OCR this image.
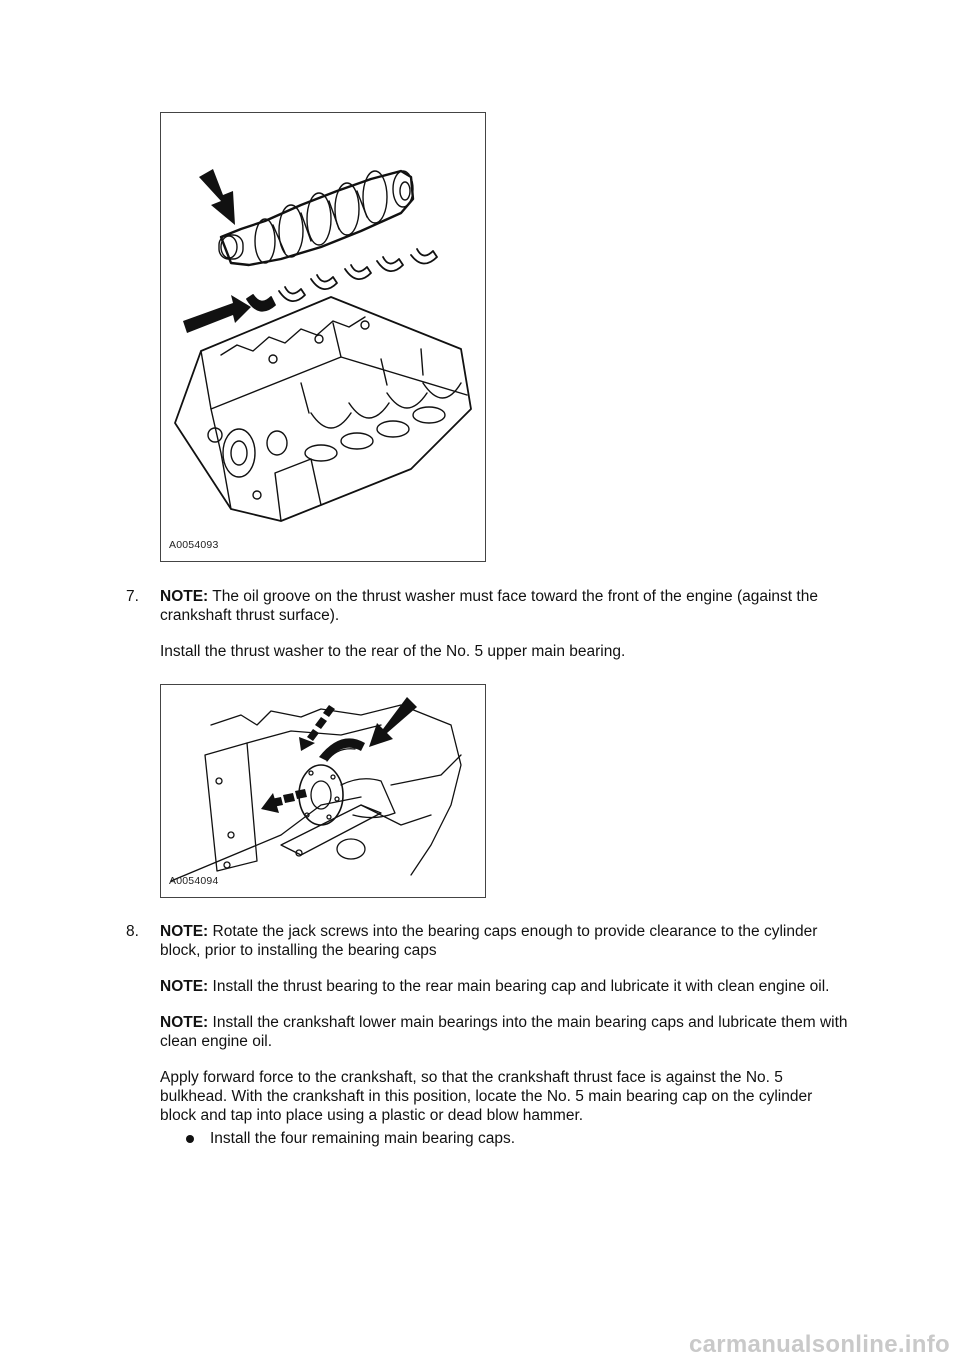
A0054093
7. NOTE: The oil groove on the thrust washer must face toward the front of the engine (against the crankshaft thrust surface).

Install the thrust washer to the rear of the No. 5 upper main bearing.

A0054094
8. NOTE: Rotate the jack screws into the bearing caps enough to provide clearance to the cylinder block, prior to installing the bearing caps

NOTE: Install the thrust bearing to the rear main bearing cap and lubricate it with clean engine oil.

NOTE: Install the crankshaft lower main bearings into the main bearing caps and lubricate them with clean engine oil.

Apply forward force to the crankshaft, so that the crankshaft thrust face is against the No. 5 bulkhead. With the crankshaft in this position, locate the No. 5 main bearing cap on the cylinder block and tap into place using a plastic or dead blow hammer.

Install the four remaining main bearing caps.

carmanualsonline.info
